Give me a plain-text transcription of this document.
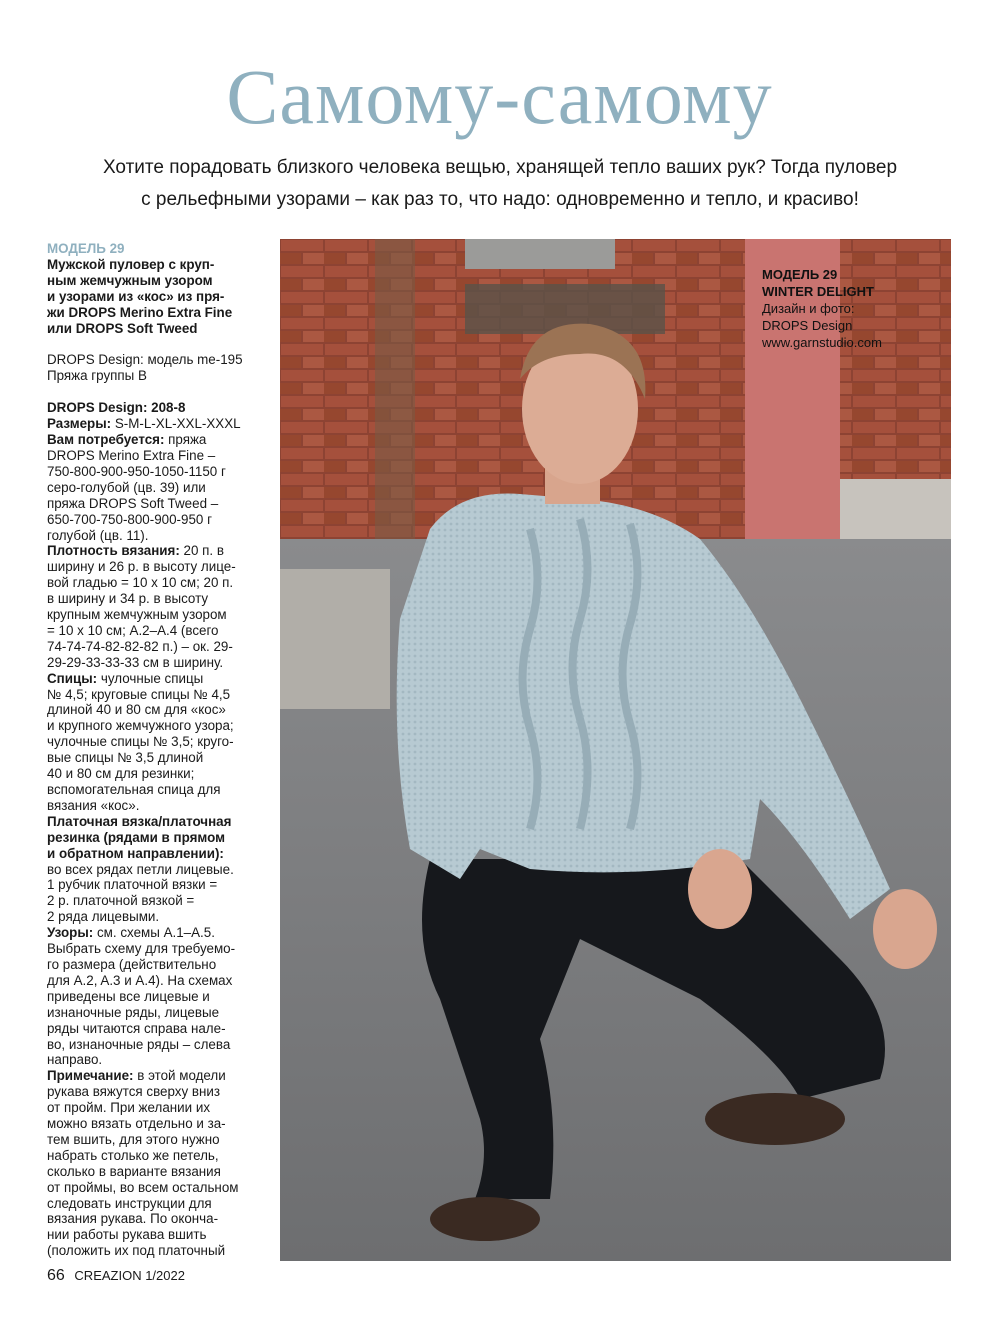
Самому-самому

Хотите порадовать близкого человека вещью, хранящей тепло ваших рук? Тогда пуловер
с рельефными узорами – как раз то, что надо: одновременно и тепло, и красиво!

МОДЕЛЬ 29

Мужской пуловер с круп-
ным жемчужным узором
и узорами из «кос» из пря-
жи DROPS Merino Extra Fine
или DROPS Soft Tweed

DROPS Design: модель me-195
Пряжа группы B

DROPS Design: 208-8

Размеры: S-M-L-XL-XXL-XXXL

Вам потребуется: пряжа
DROPS Merino Extra Fine –
750-800-900-950-1050-1150 г
серо-голубой (цв. 39) или
пряжа DROPS Soft Tweed –
650-700-750-800-900-950 г
голубой (цв. 11).

Плотность вязания: 20 п. в
ширину и 26 р. в высоту лице-
вой гладью = 10 х 10 см; 20 п.
в ширину и 34 р. в высоту
крупным жемчужным узором
= 10 х 10 см; A.2–A.4 (всего
74-74-74-82-82-82 п.) – ок. 29-
29-29-33-33-33 см в ширину.

Спицы: чулочные спицы
№ 4,5; круговые спицы № 4,5
длиной 40 и 80 см для «кос»
и крупного жемчужного узора;
чулочные спицы № 3,5; круго-
вые спицы № 3,5 длиной
40 и 80 см для резинки;
вспомогательная спица для
вязания «кос».

Платочная вязка/платочная
резинка (рядами в прямом
и обратном направлении):
во всех рядах петли лицевые.
1 рубчик платочной вязки =
2 р. платочной вязкой =
2 ряда лицевыми.

Узоры: см. схемы A.1–A.5.
Выбрать схему для требуемо-
го размера (действительно
для A.2, A.3 и A.4). На схемах
приведены все лицевые и
изнаночные ряды, лицевые
ряды читаются справа нале-
во, изнаночные ряды – слева
направо.

Примечание: в этой модели
рукава вяжутся сверху вниз
от пройм. При желании их
можно вязать отдельно и за-
тем вшить, для этого нужно
набрать столько же петель,
сколько в варианте вязания
от проймы, во всем остальном
следовать инструкции для
вязания рукава. По оконча-
нии работы рукава вшить
(положить их под платочный

МОДЕЛЬ 29

WINTER DELIGHT

Дизайн и фото:

DROPS Design

www.garnstudio.com

66 CREAZION 1/2022
